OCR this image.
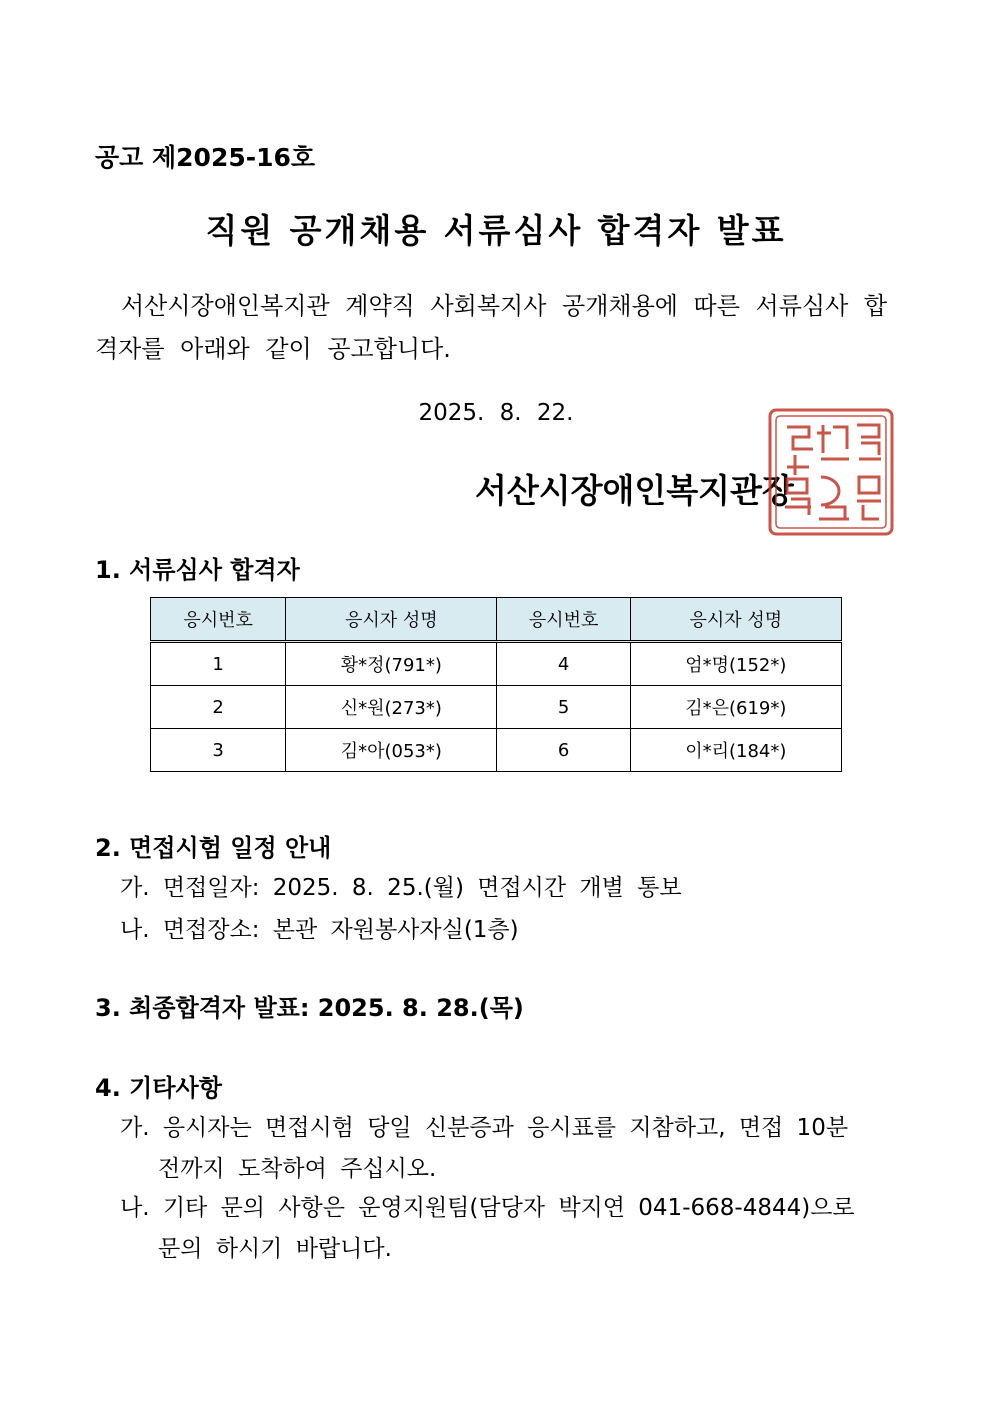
공고 제2025-16호
직원 공개채용 서류심사 합격자 발표
서산시장애인복지관 계약직 사회복지사 공개채용에 따른 서류심사 합격자를 아래와 같이 공고합니다.
2025. 8. 22.
서산시장애인복지관장
1. 서류심사 합격자
응시번호	응시자 성명	응시번호	응시자 성명
1	황*정(791*)	4	엄*명(152*)
2	신*원(273*)	5	김*은(619*)
3	김*아(053*)	6	이*리(184*)
2. 면접시험 일정 안내
가. 면접일자: 2025. 8. 25.(월) 면접시간 개별 통보
나. 면접장소: 본관 자원봉사자실(1층)
3. 최종합격자 발표: 2025. 8. 28.(목)
4. 기타사항
가. 응시자는 면접시험 당일 신분증과 응시표를 지참하고, 면접 10분
전까지 도착하여 주십시오.
나. 기타 문의 사항은 운영지원팀(담당자 박지연 041-668-4844)으로
문의 하시기 바랍니다.
